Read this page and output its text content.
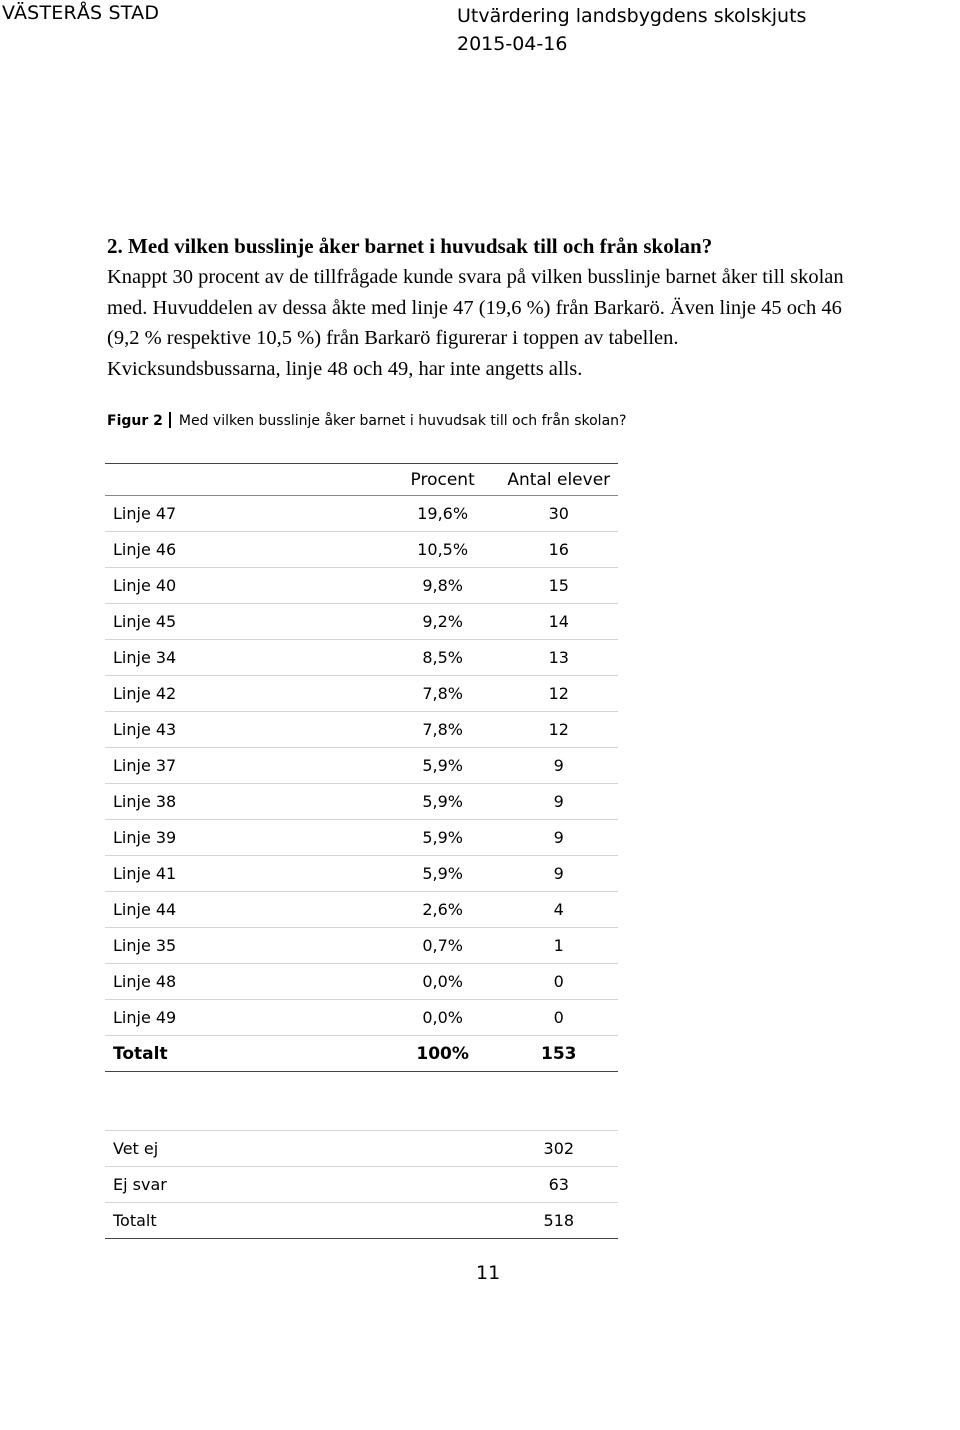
VÄSTERÅS STAD	Utvärdering landsbygdens skolskjuts
2015-04-16
2. Med vilken busslinje åker barnet i huvudsak till och från skolan?
Knappt 30 procent av de tillfrågade kunde svara på vilken busslinje barnet åker till skolan med. Huvuddelen av dessa åkte med linje 47 (19,6 %) från Barkarö. Även linje 45 och 46 (9,2 % respektive 10,5 %) från Barkarö figurerar i toppen av tabellen. Kvicksundsbussarna, linje 48 och 49, har inte angetts alls.
Figur 2 Med vilken busslinje åker barnet i huvudsak till och från skolan?
	Procent	Antal elever
Linje 47	19,6%	30
Linje 46	10,5%	16
Linje 40	9,8%	15
Linje 45	9,2%	14
Linje 34	8,5%	13
Linje 42	7,8%	12
Linje 43	7,8%	12
Linje 37	5,9%	9
Linje 38	5,9%	9
Linje 39	5,9%	9
Linje 41	5,9%	9
Linje 44	2,6%	4
Linje 35	0,7%	1
Linje 48	0,0%	0
Linje 49	0,0%	0
Totalt	100%	153
Vet ej		302
Ej svar		63
Totalt		518
11
